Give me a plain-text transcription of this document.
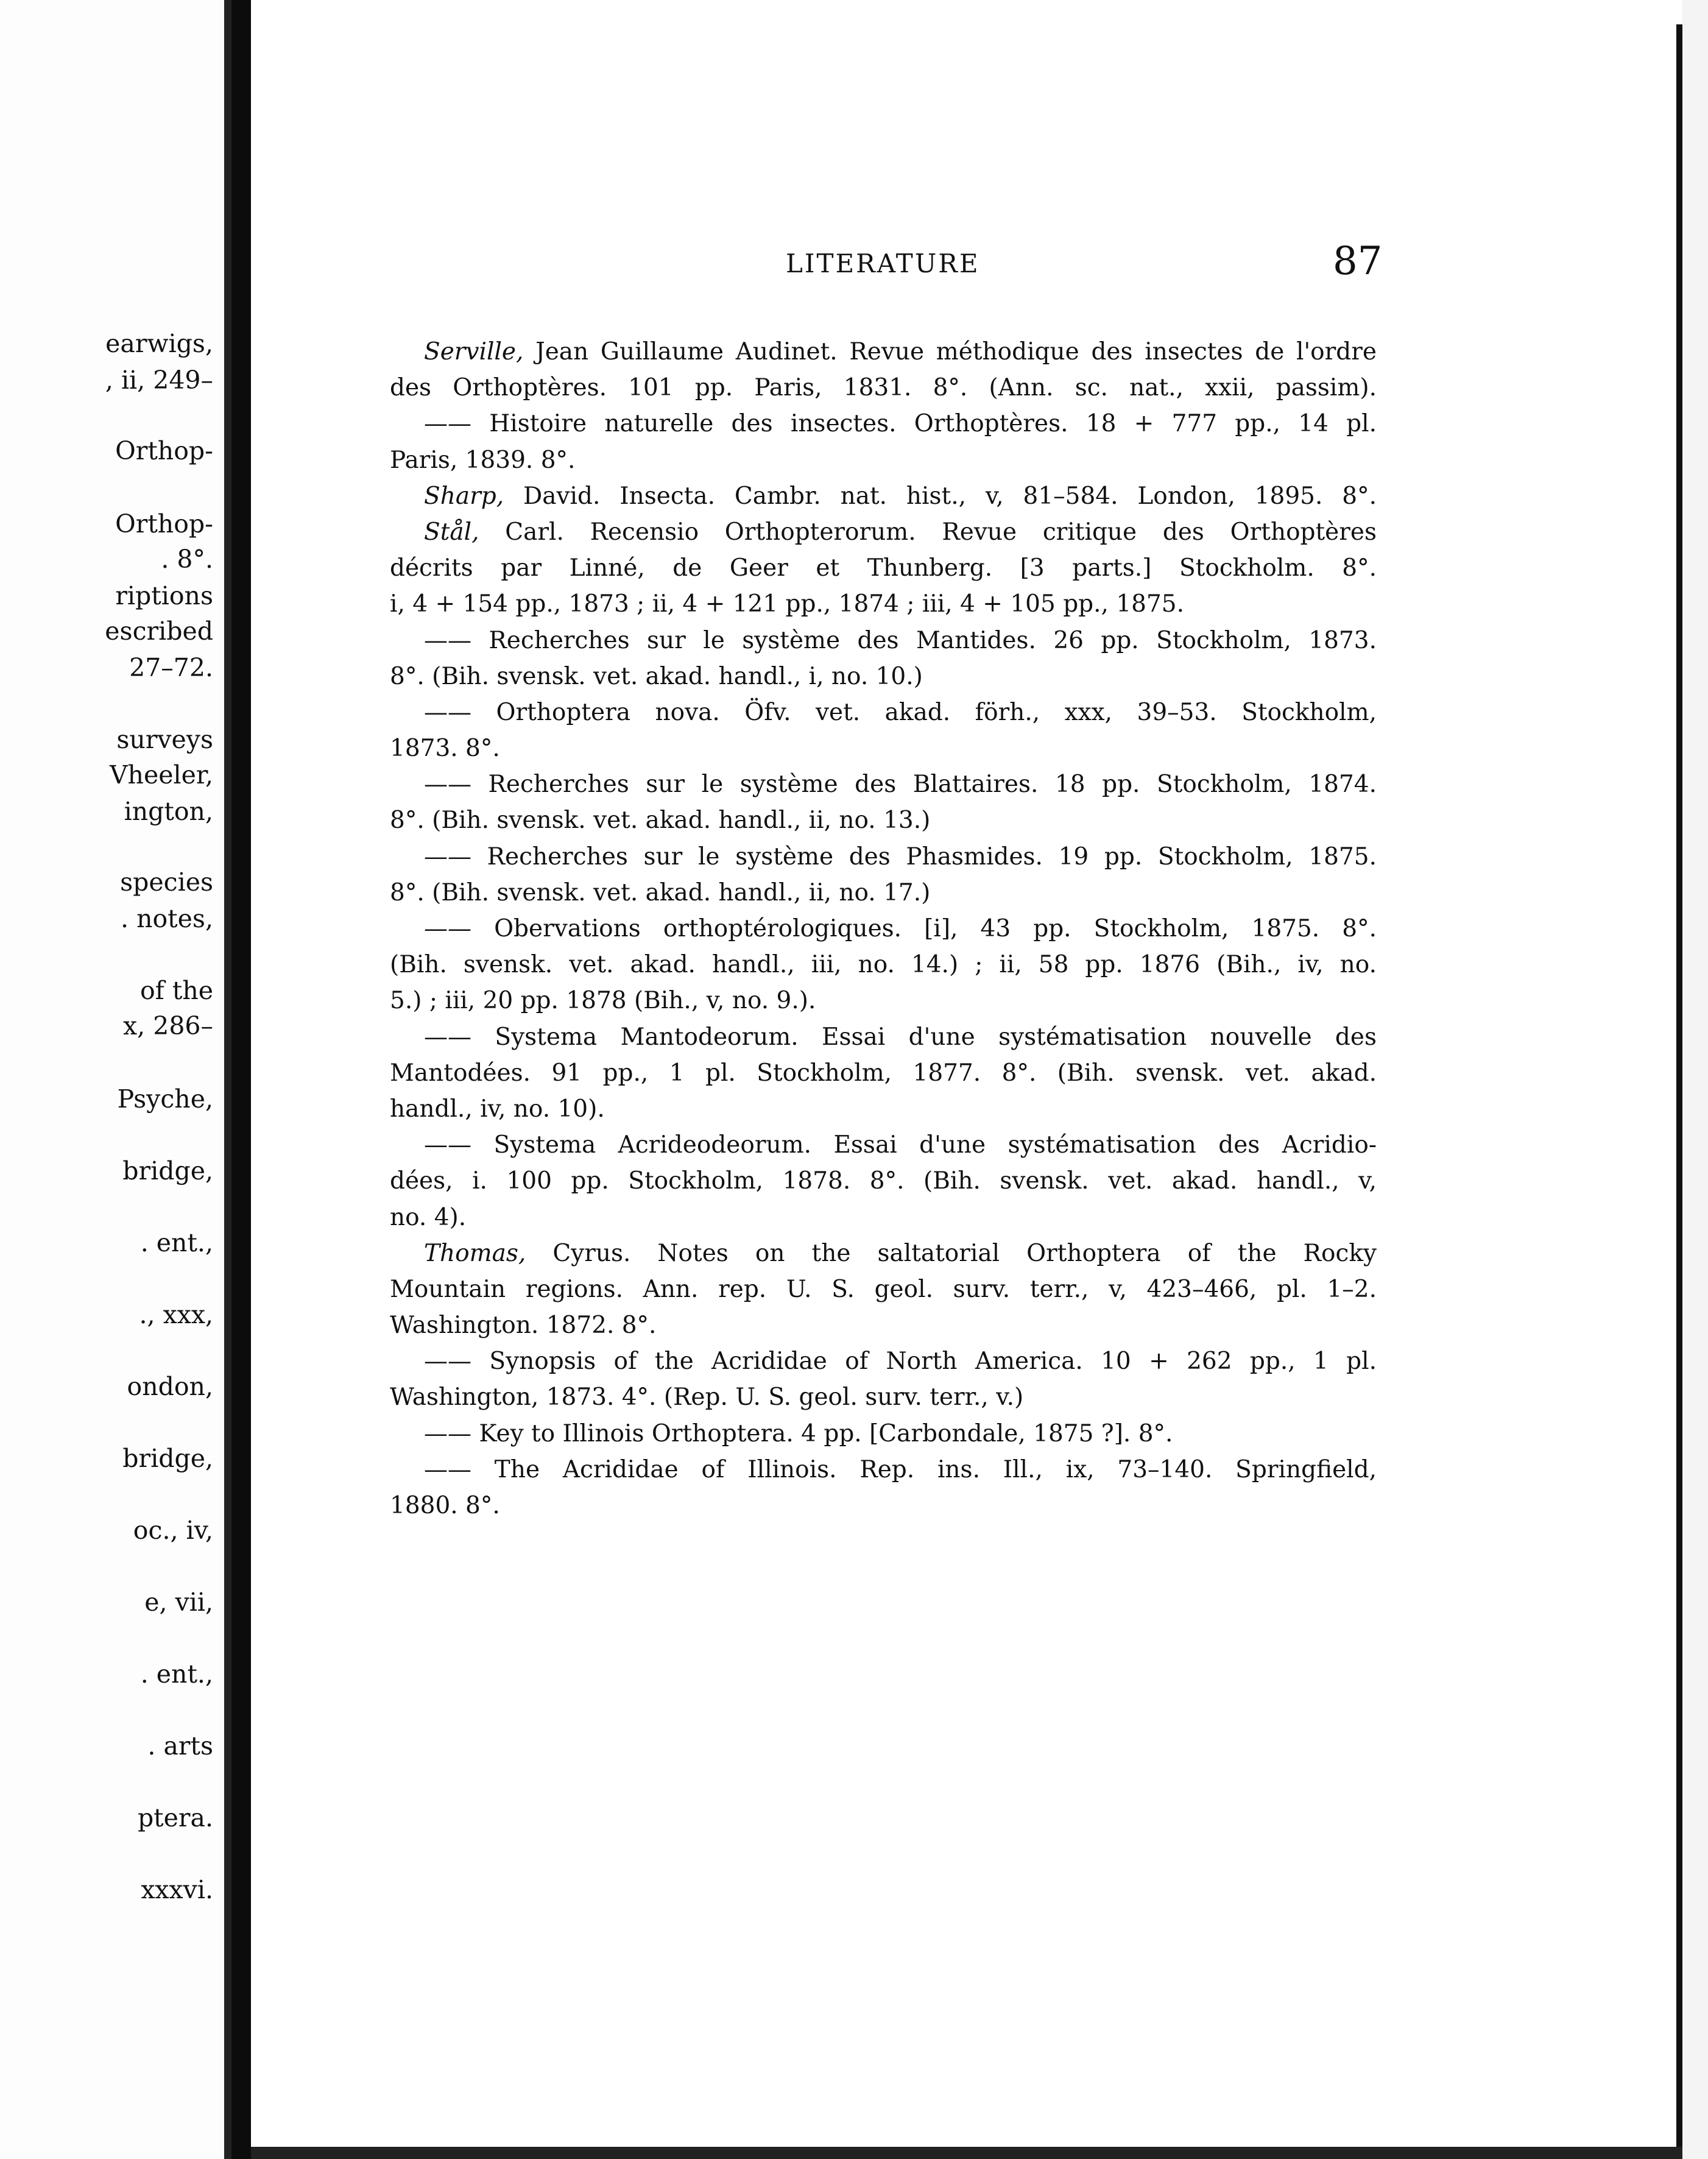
earwigs,
, ii, 249–
Orthop-
Orthop-
. 8°.
riptions
escribed
27–72.
surveys
Vheeler,
ington,
species
. notes,
of the
x, 286–
Psyche,
bridge,
. ent.,
., xxx,
ondon,
bridge,
oc., iv,
e, vii,
. ent.,
. arts
ptera.
xxxvi.
LITERATURE	87
Serville, Jean Guillaume Audinet. Revue méthodique des insectes de l'ordre
des Orthoptères. 101 pp. Paris, 1831. 8°. (Ann. sc. nat., xxii, passim).
—— Histoire naturelle des insectes. Orthoptères. 18 + 777 pp., 14 pl.
Paris, 1839. 8°.
Sharp, David. Insecta. Cambr. nat. hist., v, 81–584. London, 1895. 8°.
Stål, Carl. Recensio Orthopterorum. Revue critique des Orthoptères
décrits par Linné, de Geer et Thunberg. [3 parts.] Stockholm. 8°.
i, 4 + 154 pp., 1873 ; ii, 4 + 121 pp., 1874 ; iii, 4 + 105 pp., 1875.
—— Recherches sur le système des Mantides. 26 pp. Stockholm, 1873.
8°. (Bih. svensk. vet. akad. handl., i, no. 10.)
—— Orthoptera nova. Öfv. vet. akad. förh., xxx, 39–53. Stockholm,
1873. 8°.
—— Recherches sur le système des Blattaires. 18 pp. Stockholm, 1874.
8°. (Bih. svensk. vet. akad. handl., ii, no. 13.)
—— Recherches sur le système des Phasmides. 19 pp. Stockholm, 1875.
8°. (Bih. svensk. vet. akad. handl., ii, no. 17.)
—— Obervations orthoptérologiques. [i], 43 pp. Stockholm, 1875. 8°.
(Bih. svensk. vet. akad. handl., iii, no. 14.) ; ii, 58 pp. 1876 (Bih., iv, no.
5.) ; iii, 20 pp. 1878 (Bih., v, no. 9.).
—— Systema Mantodeorum. Essai d'une systématisation nouvelle des
Mantodées. 91 pp., 1 pl. Stockholm, 1877. 8°. (Bih. svensk. vet. akad.
handl., iv, no. 10).
—— Systema Acrideodeorum. Essai d'une systématisation des Acridio-
dées, i. 100 pp. Stockholm, 1878. 8°. (Bih. svensk. vet. akad. handl., v,
no. 4).
Thomas, Cyrus. Notes on the saltatorial Orthoptera of the Rocky
Mountain regions. Ann. rep. U. S. geol. surv. terr., v, 423–466, pl. 1–2.
Washington. 1872. 8°.
—— Synopsis of the Acrididae of North America. 10 + 262 pp., 1 pl.
Washington, 1873. 4°. (Rep. U. S. geol. surv. terr., v.)
—— Key to Illinois Orthoptera. 4 pp. [Carbondale, 1875 ?]. 8°.
—— The Acrididae of Illinois. Rep. ins. Ill., ix, 73–140. Springfield,
1880. 8°.
